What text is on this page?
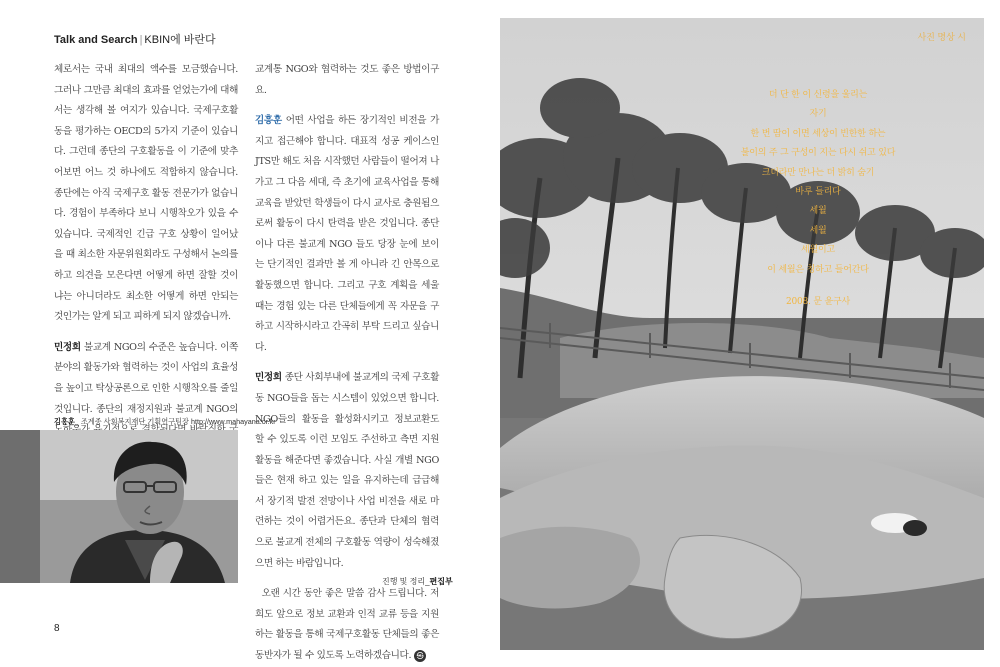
Talk and Search | KBIN에 바란다

체로서는 국내 최대의 액수를 모금했습니다. 그러나 그만큼 최대의 효과를 얻었는가에 대해서는 생각해 볼 여지가 있습니다. 국제구호활동을 평가하는 OECD의 5가지 기준이 있습니다. 그런데 종단의 구호활동을 이 기준에 맞추어보면 어느 것 하나에도 적합하지 않습니다. 종단에는 아직 국제구호 활동 전문가가 없습니다. 경험이 부족하다 보니 시행착오가 있을 수 있습니다. 국제적인 긴급 구호 상황이 일어났을 때 최소한 자문위원회라도 구성해서 논의를 하고 의견을 모은다면 어떻게 하면 잘할 것이냐는 아니더라도 최소한 어떻게 하면 안되는 것인가는 알게 되고 피하게 되지 않겠습니까.

민정희 불교계 NGO의 수준은 높습니다. 이쪽 분야의 활동가와 협력하는 것이 사업의 효율성을 높이고 탁상공론으로 인한 시행착오를 줄일 것입니다. 종단의 재정지원과 불교계 NGO의

교계통 NGO와 협력하는 것도 좋은 방법이구요.

김흥훈 어떤 사업을 하든 장기적인 비전을 가지고 접근해야 합니다. 대표적 성공 케이스인 JTS만 해도 처음 시작했던 사람들이 떨어져 나가고 그 다음 세대, 즉 초기에 교육사업을 통해 교육을 받았던 학생들이 다시 교사로 충원됨으로써 활동이 다시 탄력을 받은 것입니다. 종단이나 다른 불교계 NGO 들도 당장 눈에 보이는 단기적인 결과만 볼 게 아니라 긴 안목으로 활동했으면 합니다. 그리고 구호 계획을 세울 때는 경험 있는 다른 단체들에게 꼭 자문을 구하고 시작하시라고 간곡히 부탁 드리고 싶습니다.

민정희 종단 사회부내에 불교계의 국제 구호활동 NGO들을 돕는 시스템이 있었으면 합니다. NGO들의 활동을 활성화시키고 정보교환도 할 수 있도록 이런 모임도 주선하고 측면 지원활동을 해준다면 좋겠습니다. 사실 개별 NGO들은 현재 하고 있는 일을 유지하는데 급급해서 장기적 발전 전망이나 사업 비전을 새로 마련하는 것이 어렵거든요. 종단과 단체의 협력으로 불교계 전체의 구호활동 역량이 성숙해졌으면 하는 바람입니다.

오랜 시간 동안 좋은 말씀 감사 드립니다. 저희도 앞으로 정보 교환과 인적 교류 등을 지원하는 활동을 통해 국제구호활동 단체들의 좋은 동반자가 될 수 있도록 노력하겠습니다. ㉿

김흥훈_ 조계종 사회복지재단 기획연구팀장 http://www.mahayana.or.kr
진행 및 정리_편집부
8
사진 명상 시
더 단 한 이 신령을 울리는
자기
한 번 땀이 이면 세상이 빈한한 하는
불이의 주 그 구성이 지는 다시 쉬고 있다
크더라만 만나는 더 밝히 숨기
바루 들리다
세월
세월
세월이고
이 세월은 칭하고 들어간다
2008. 문 윤구사
